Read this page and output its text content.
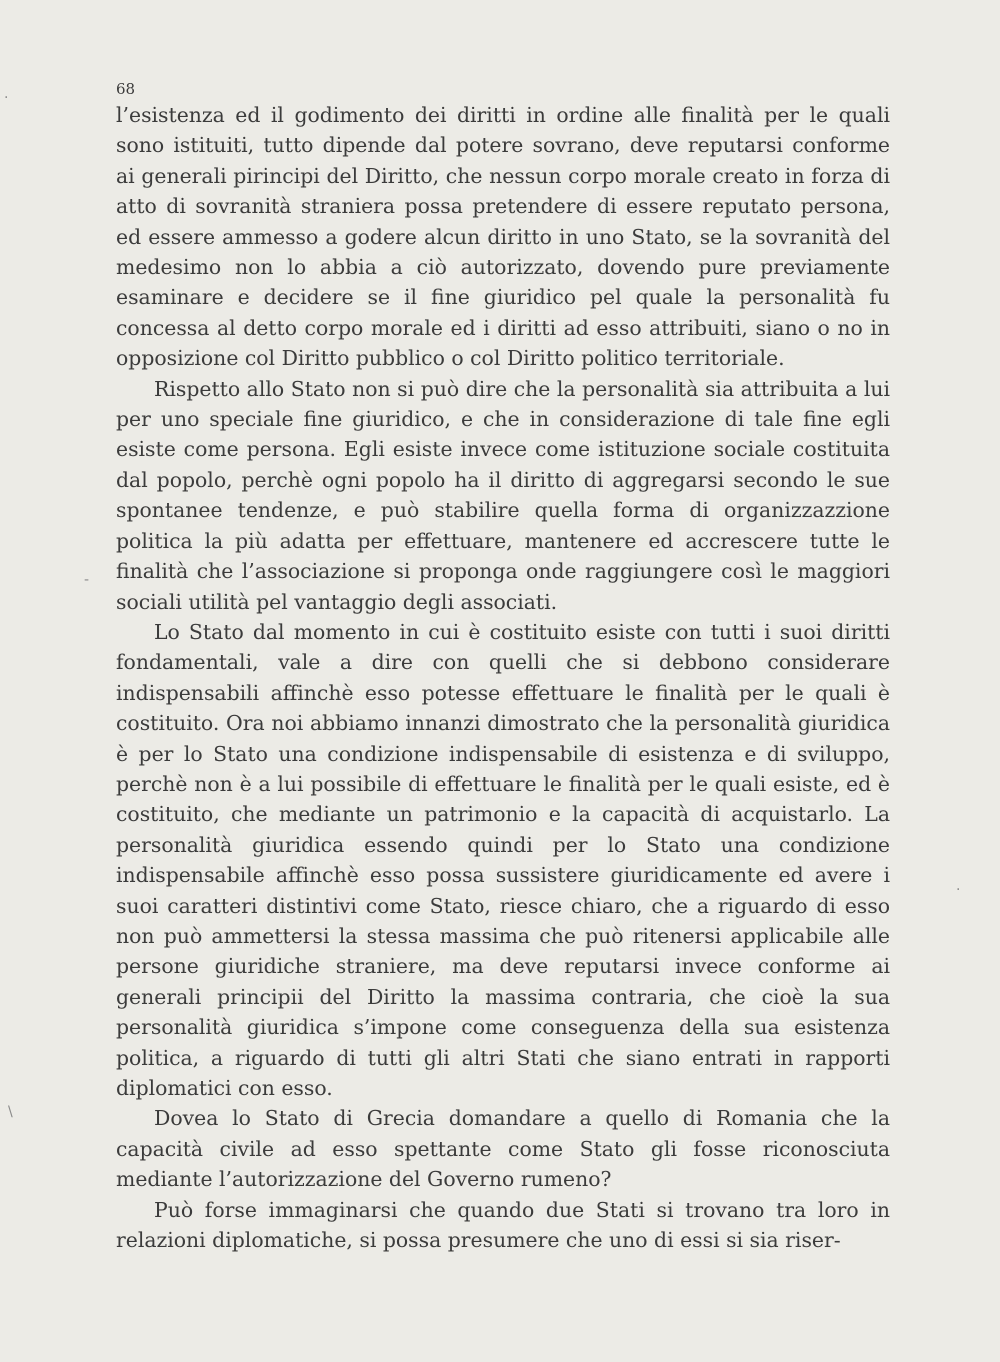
·
-
·
\
68

l’esistenza ed il godimento dei diritti in ordine alle finalità per le quali sono istituiti, tutto dipende dal potere sovrano, deve reputarsi conforme ai generali pirincipi del Diritto, che nessun corpo morale creato in forza di atto di sovranità straniera possa pretendere di essere reputato persona, ed essere ammesso a godere alcun diritto in uno Stato, se la sovranità del medesimo non lo abbia a ciò autorizzato, dovendo pure previamente esaminare e decidere se il fine giuridico pel quale la personalità fu concessa al detto corpo morale ed i diritti ad esso attribuiti, siano o no in opposizione col Diritto pubblico o col Diritto politico territoriale.

Rispetto allo Stato non si può dire che la personalità sia attribuita a lui per uno speciale fine giuridico, e che in considerazione di tale fine egli esiste come persona. Egli esiste invece come istituzione sociale costituita dal popolo, perchè ogni popolo ha il diritto di aggregarsi secondo le sue spontanee tendenze, e può stabilire quella forma di organizzazzione politica la più adatta per effettuare, mantenere ed accrescere tutte le finalità che l’associazione si proponga onde raggiungere così le maggiori sociali utilità pel vantaggio degli associati.

Lo Stato dal momento in cui è costituito esiste con tutti i suoi diritti fondamentali, vale a dire con quelli che si debbono considerare indispensabili affinchè esso potesse effettuare le finalità per le quali è costituito. Ora noi abbiamo innanzi dimostrato che la personalità giuridica è per lo Stato una condizione indispensabile di esistenza e di sviluppo, perchè non è a lui possibile di effettuare le finalità per le quali esiste, ed è costituito, che mediante un patrimonio e la capacità di acquistarlo. La personalità giuridica essendo quindi per lo Stato una condizione indispensabile affinchè esso possa sussistere giuridicamente ed avere i suoi caratteri distintivi come Stato, riesce chiaro, che a riguardo di esso non può ammettersi la stessa massima che può ritenersi applicabile alle persone giuridiche straniere, ma deve reputarsi invece conforme ai generali principii del Diritto la massima contraria, che cioè la sua personalità giuridica s’impone come conseguenza della sua esistenza politica, a riguardo di tutti gli altri Stati che siano entrati in rapporti diplomatici con esso.

Dovea lo Stato di Grecia domandare a quello di Romania che la capacità civile ad esso spettante come Stato gli fosse riconosciuta mediante l’autorizzazione del Governo rumeno?

Può forse immaginarsi che quando due Stati si trovano tra loro in relazioni diplomatiche, si possa presumere che uno di essi si sia riser-
